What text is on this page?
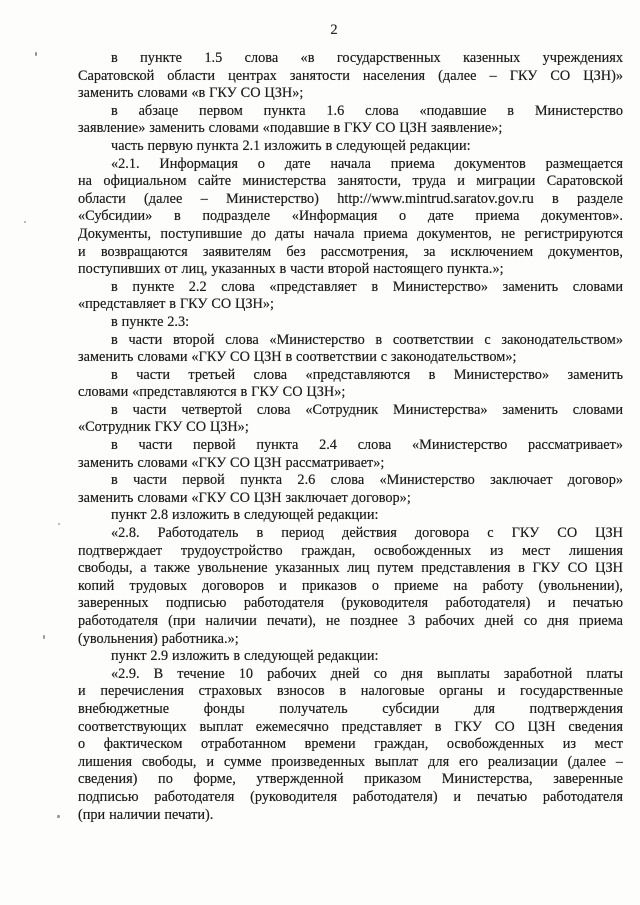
2
в пункте 1.5 слова «в государственных казенных учреждениях
Саратовской области центрах занятости населения (далее – ГКУ СО ЦЗН)»
заменить словами «в ГКУ СО ЦЗН»;
в абзаце первом пункта 1.6 слова «подавшие в Министерство
заявление» заменить словами «подавшие в ГКУ СО ЦЗН заявление»;
часть первую пункта 2.1 изложить в следующей редакции:
«2.1. Информация о дате начала приема документов размещается
на официальном сайте министерства занятости, труда и миграции Саратовской
области (далее – Министерство) http://www.mintrud.saratov.gov.ru в разделе
«Субсидии» в подразделе «Информация о дате приема документов».
Документы, поступившие до даты начала приема документов, не регистрируются
и возвращаются заявителям без рассмотрения, за исключением документов,
поступивших от лиц, указанных в части второй настоящего пункта.»;
в пункте 2.2 слова «представляет в Министерство» заменить словами
«представляет в ГКУ СО ЦЗН»;
в пункте 2.3:
в части второй слова «Министерство в соответствии с законодательством»
заменить словами «ГКУ СО ЦЗН в соответствии с законодательством»;
в части третьей слова «представляются в Министерство» заменить
словами «представляются в ГКУ СО ЦЗН»;
в части четвертой слова «Сотрудник Министерства» заменить словами
«Сотрудник ГКУ СО ЦЗН»;
в части первой пункта 2.4 слова «Министерство рассматривает»
заменить словами «ГКУ СО ЦЗН рассматривает»;
в части первой пункта 2.6 слова «Министерство заключает договор»
заменить словами «ГКУ СО ЦЗН заключает договор»;
пункт 2.8 изложить в следующей редакции:
«2.8. Работодатель в период действия договора с ГКУ СО ЦЗН
подтверждает трудоустройство граждан, освобожденных из мест лишения
свободы, а также увольнение указанных лиц путем представления в ГКУ СО ЦЗН
копий трудовых договоров и приказов о приеме на работу (увольнении),
заверенных подписью работодателя (руководителя работодателя) и печатью
работодателя (при наличии печати), не позднее 3 рабочих дней со дня приема
(увольнения) работника.»;
пункт 2.9 изложить в следующей редакции:
«2.9. В течение 10 рабочих дней со дня выплаты заработной платы
и перечисления страховых взносов в налоговые органы и государственные
внебюджетные фонды получатель субсидии для подтверждения
соответствующих выплат ежемесячно представляет в ГКУ СО ЦЗН сведения
о фактическом отработанном времени граждан, освобожденных из мест
лишения свободы, и сумме произведенных выплат для его реализации (далее –
сведения) по форме, утвержденной приказом Министерства, заверенные
подписью работодателя (руководителя работодателя) и печатью работодателя
(при наличии печати).
